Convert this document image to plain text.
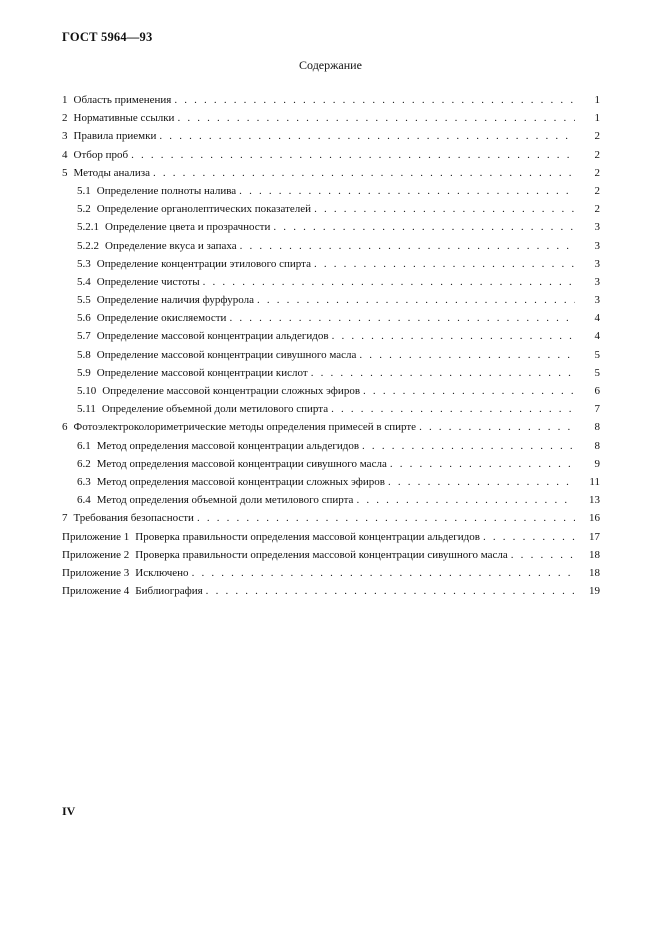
ГОСТ 5964—93
Содержание
1 Область применения . . .	1
2 Нормативные ссылки . . .	1
3 Правила приемки . . .	2
4 Отбор проб . . .	2
5 Методы анализа . . .	2
5.1 Определение полноты налива . . .	2
5.2 Определение органолептических показателей . . .	2
5.2.1 Определение цвета и прозрачности . . .	3
5.2.2 Определение вкуса и запаха . . .	3
5.3 Определение концентрации этилового спирта . . .	3
5.4 Определение чистоты . . .	3
5.5 Определение наличия фурфурола . . .	3
5.6 Определение окисляемости . . .	4
5.7 Определение массовой концентрации альдегидов . . .	4
5.8 Определение массовой концентрации сивушного масла . . .	5
5.9 Определение массовой концентрации кислот . . .	5
5.10 Определение массовой концентрации сложных эфиров . . .	6
5.11 Определение объемной доли метилового спирта . . .	7
6 Фотоэлектроколориметрические методы определения примесей в спирте . . .	8
6.1 Метод определения массовой концентрации альдегидов . . .	8
6.2 Метод определения массовой концентрации сивушного масла . . .	9
6.3 Метод определения массовой концентрации сложных эфиров . . .	11
6.4 Метод определения объемной доли метилового спирта . . .	13
7 Требования безопасности . . .	16
Приложение 1 Проверка правильности определения массовой концентрации альдегидов . . .	17
Приложение 2 Проверка правильности определения массовой концентрации сивушного масла . . .	18
Приложение 3 Исключено . . .	18
Приложение 4 Библиография . . .	19
IV
